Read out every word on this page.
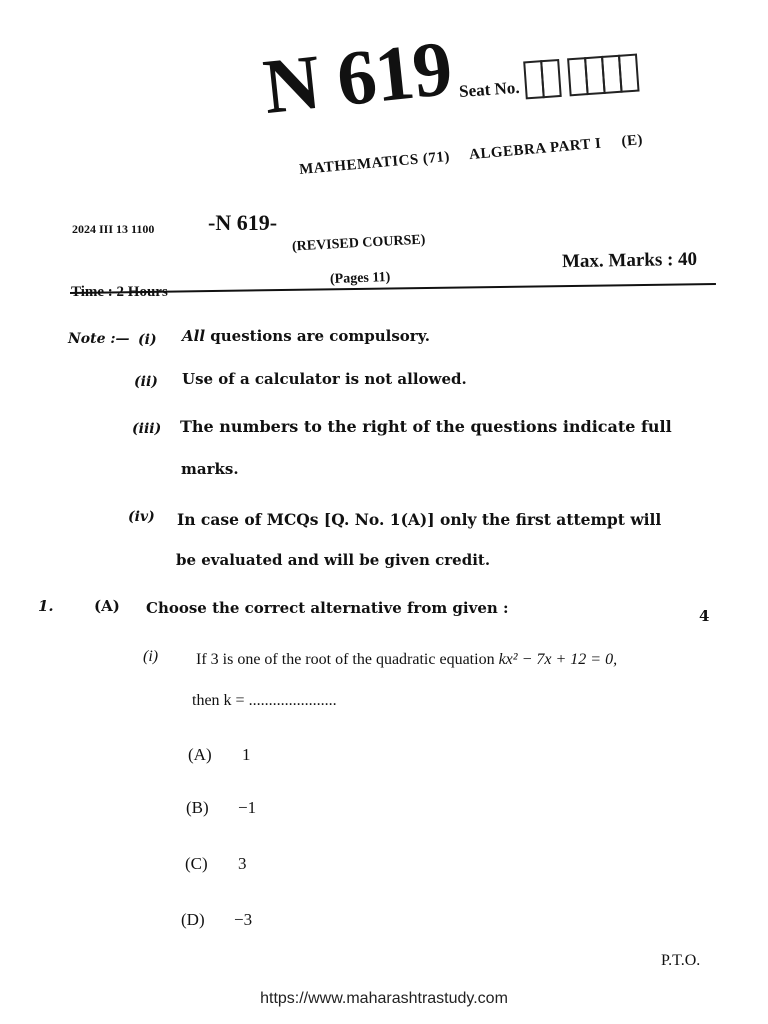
N 619 Seat No.
MATHEMATICS (71) ALGEBRA PART I (E)
2024 III 13 1100 -N 619-
(REVISED COURSE)
(Pages 11)
Max. Marks : 40
Time : 2 Hours
Note :— (i) All questions are compulsory.
(ii) Use of a calculator is not allowed.
(iii) The numbers to the right of the questions indicate full
marks.
(iv) In case of MCQs [Q. No. 1(A)] only the first attempt will
be evaluated and will be given credit.
1.	(A) Choose the correct alternative from given :	4
(i) If 3 is one of the root of the quadratic equation kx² − 7x + 12 = 0,
then k = ......................
(A) 1
(B) −1
(C) 3
(D) −3
P.T.O.
https://www.maharashtrastudy.com
